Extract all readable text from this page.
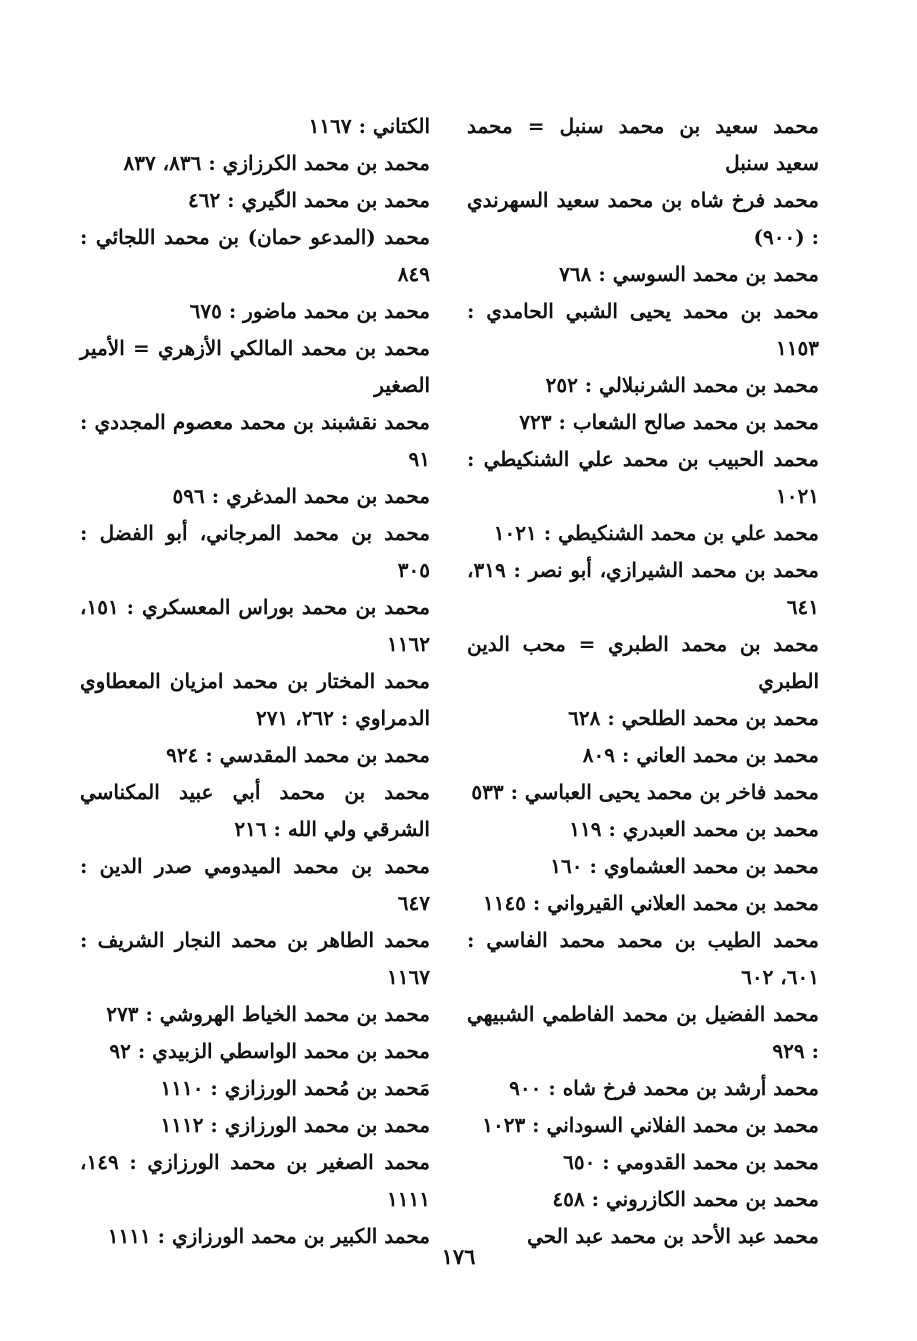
محمد سعيد بن محمد سنبل = محمد سعيد سنبل

محمد فرخ شاه بن محمد سعيد السهرندي : (٩٠٠)

محمد بن محمد السوسي : ٧٦٨

محمد بن محمد يحيى الشبي الحامدي : ١١٥٣

محمد بن محمد الشرنبلالي : ٢٥٢

محمد بن محمد صالح الشعاب : ٧٢٣

محمد الحبيب بن محمد علي الشنكيطي : ١٠٢١

محمد علي بن محمد الشنكيطي : ١٠٢١

محمد بن محمد الشيرازي، أبو نصر : ٣١٩، ٦٤١

محمد بن محمد الطبري = محب الدين الطبري

محمد بن محمد الطلحي : ٦٢٨

محمد بن محمد العاني : ٨٠٩

محمد فاخر بن محمد يحيى العباسي : ٥٣٣

محمد بن محمد العبدري : ١١٩

محمد بن محمد العشماوي : ١٦٠

محمد بن محمد العلاني القيرواني : ١١٤٥

محمد الطيب بن محمد محمد الفاسي : ٦٠١، ٦٠٢

محمد الفضيل بن محمد الفاطمي الشبيهي : ٩٢٩

محمد أرشد بن محمد فرخ شاه : ٩٠٠

محمد بن محمد الفلاني السوداني : ١٠٢٣

محمد بن محمد القدومي : ٦٥٠

محمد بن محمد الكازروني : ٤٥٨

محمد عبد الأحد بن محمد عبد الحي

الكتاني : ١١٦٧

محمد بن محمد الكرزازي : ٨٣٦، ٨٣٧

محمد بن محمد الگيري : ٤٦٢

محمد (المدعو حمان) بن محمد اللجائي : ٨٤٩

محمد بن محمد ماضور : ٦٧٥

محمد بن محمد المالكي الأزهري = الأمير الصغير

محمد نقشبند بن محمد معصوم المجددي : ٩١

محمد بن محمد المدغري : ٥٩٦

محمد بن محمد المرجاني، أبو الفضل : ٣٠٥

محمد بن محمد بوراس المعسكري : ١٥١، ١١٦٢

محمد المختار بن محمد امزيان المعطاوي الدمراوي : ٢٦٢، ٢٧١

محمد بن محمد المقدسي : ٩٢٤

محمد بن محمد أبي عبيد المكناسي الشرقي ولي الله : ٢١٦

محمد بن محمد الميدومي صدر الدين : ٦٤٧

محمد الطاهر بن محمد النجار الشريف : ١١٦٧

محمد بن محمد الخياط الهروشي : ٢٧٣

محمد بن محمد الواسطي الزبيدي : ٩٢

مَحمد بن مُحمد الورزازي : ١١١٠

محمد بن محمد الورزازي : ١١١٢

محمد الصغير بن محمد الورزازي : ١٤٩، ١١١١

محمد الكبير بن محمد الورزازي : ١١١١

١٧٦
